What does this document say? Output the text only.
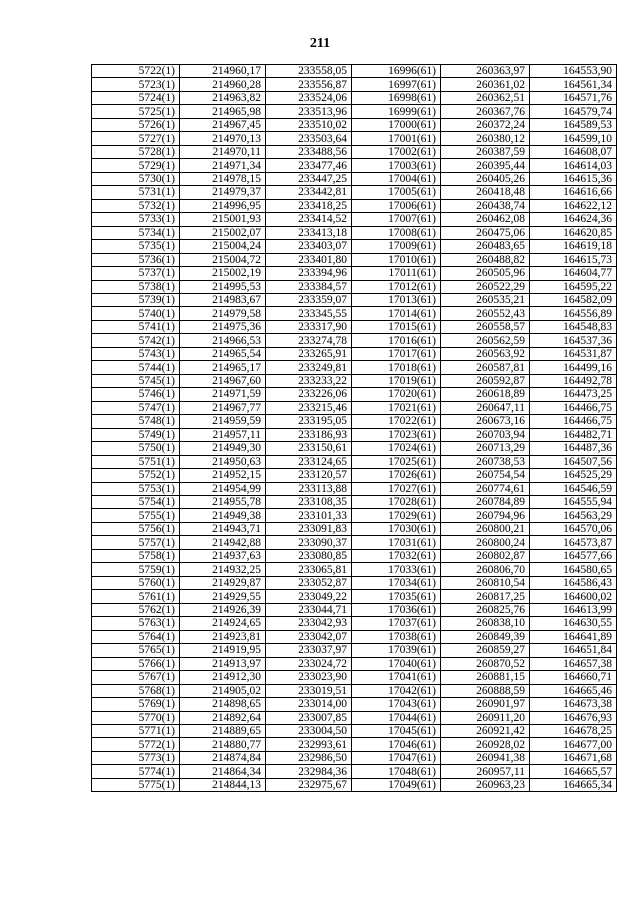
211
5722(1)	214960,17	233558,05	16996(61)	260363,97	164553,90
5723(1)	214960,28	233556,87	16997(61)	260361,02	164561,34
5724(1)	214963,82	233524,06	16998(61)	260362,51	164571,76
5725(1)	214965,98	233513,96	16999(61)	260367,76	164579,74
5726(1)	214967,45	233510,02	17000(61)	260372,24	164589,53
5727(1)	214970,13	233503,64	17001(61)	260380,12	164599,10
5728(1)	214970,11	233488,56	17002(61)	260387,59	164608,07
5729(1)	214971,34	233477,46	17003(61)	260395,44	164614,03
5730(1)	214978,15	233447,25	17004(61)	260405,26	164615,36
5731(1)	214979,37	233442,81	17005(61)	260418,48	164616,66
5732(1)	214996,95	233418,25	17006(61)	260438,74	164622,12
5733(1)	215001,93	233414,52	17007(61)	260462,08	164624,36
5734(1)	215002,07	233413,18	17008(61)	260475,06	164620,85
5735(1)	215004,24	233403,07	17009(61)	260483,65	164619,18
5736(1)	215004,72	233401,80	17010(61)	260488,82	164615,73
5737(1)	215002,19	233394,96	17011(61)	260505,96	164604,77
5738(1)	214995,53	233384,57	17012(61)	260522,29	164595,22
5739(1)	214983,67	233359,07	17013(61)	260535,21	164582,09
5740(1)	214979,58	233345,55	17014(61)	260552,43	164556,89
5741(1)	214975,36	233317,90	17015(61)	260558,57	164548,83
5742(1)	214966,53	233274,78	17016(61)	260562,59	164537,36
5743(1)	214965,54	233265,91	17017(61)	260563,92	164531,87
5744(1)	214965,17	233249,81	17018(61)	260587,81	164499,16
5745(1)	214967,60	233233,22	17019(61)	260592,87	164492,78
5746(1)	214971,59	233226,06	17020(61)	260618,89	164473,25
5747(1)	214967,77	233215,46	17021(61)	260647,11	164466,75
5748(1)	214959,59	233195,05	17022(61)	260673,16	164466,75
5749(1)	214957,11	233186,93	17023(61)	260703,94	164482,71
5750(1)	214949,30	233150,61	17024(61)	260713,29	164487,36
5751(1)	214950,63	233124,65	17025(61)	260738,53	164507,56
5752(1)	214952,15	233120,57	17026(61)	260754,54	164525,29
5753(1)	214954,99	233113,88	17027(61)	260774,61	164546,59
5754(1)	214955,78	233108,35	17028(61)	260784,89	164555,94
5755(1)	214949,38	233101,33	17029(61)	260794,96	164563,29
5756(1)	214943,71	233091,83	17030(61)	260800,21	164570,06
5757(1)	214942,88	233090,37	17031(61)	260800,24	164573,87
5758(1)	214937,63	233080,85	17032(61)	260802,87	164577,66
5759(1)	214932,25	233065,81	17033(61)	260806,70	164580,65
5760(1)	214929,87	233052,87	17034(61)	260810,54	164586,43
5761(1)	214929,55	233049,22	17035(61)	260817,25	164600,02
5762(1)	214926,39	233044,71	17036(61)	260825,76	164613,99
5763(1)	214924,65	233042,93	17037(61)	260838,10	164630,55
5764(1)	214923,81	233042,07	17038(61)	260849,39	164641,89
5765(1)	214919,95	233037,97	17039(61)	260859,27	164651,84
5766(1)	214913,97	233024,72	17040(61)	260870,52	164657,38
5767(1)	214912,30	233023,90	17041(61)	260881,15	164660,71
5768(1)	214905,02	233019,51	17042(61)	260888,59	164665,46
5769(1)	214898,65	233014,00	17043(61)	260901,97	164673,38
5770(1)	214892,64	233007,85	17044(61)	260911,20	164676,93
5771(1)	214889,65	233004,50	17045(61)	260921,42	164678,25
5772(1)	214880,77	232993,61	17046(61)	260928,02	164677,00
5773(1)	214874,84	232986,50	17047(61)	260941,38	164671,68
5774(1)	214864,34	232984,36	17048(61)	260957,11	164665,57
5775(1)	214844,13	232975,67	17049(61)	260963,23	164665,34
